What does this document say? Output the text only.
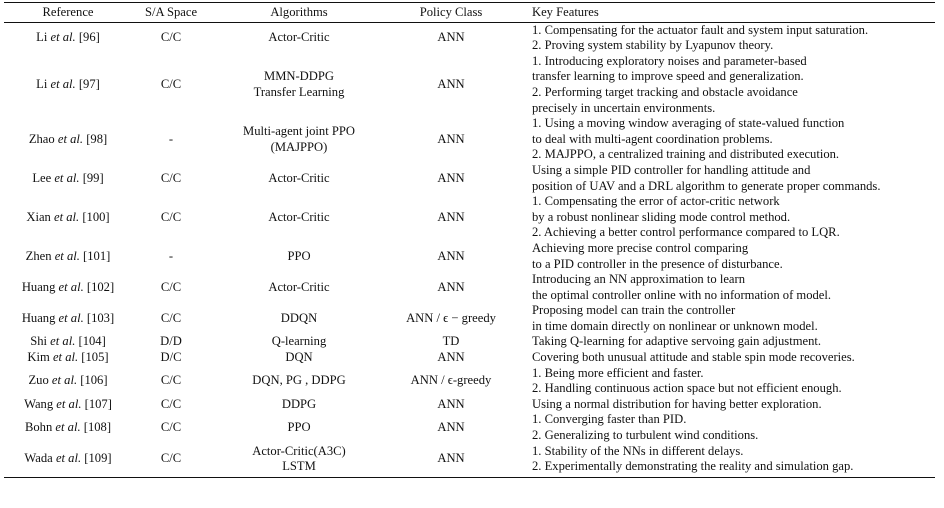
Reference	S/A Space	Algorithms	Policy Class	Key Features
Li et al. [96]	C/C	Actor-Critic	ANN	1. Compensating for the actuator fault and system input saturation.
2. Proving system stability by Lyapunov theory.

Li et al. [97]	C/C	MMN-DDPG
Transfer Learning	ANN	1. Introducing exploratory noises and parameter-based
transfer learning to improve speed and generalization.
2. Performing target tracking and obstacle avoidance
precisely in uncertain environments.

Zhao et al. [98]	-	Multi-agent joint PPO
(MAJPPO)	ANN	1. Using a moving window averaging of state-valued function
to deal with multi-agent coordination problems.
2. MAJPPO, a centralized training and distributed execution.

Lee et al. [99]	C/C	Actor-Critic	ANN	Using a simple PID controller for handling attitude and
position of UAV and a DRL algorithm to generate proper commands.

Xian et al. [100]	C/C	Actor-Critic	ANN	1. Compensating the error of actor-critic network
by a robust nonlinear sliding mode control method.
2. Achieving a better control performance compared to LQR.

Zhen et al. [101]	-	PPO	ANN	Achieving more precise control comparing
to a PID controller in the presence of disturbance.

Huang et al. [102]	C/C	Actor-Critic	ANN	Introducing an NN approximation to learn
the optimal controller online with no information of model.

Huang et al. [103]	C/C	DDQN	ANN / ϵ − greedy	Proposing model can train the controller
in time domain directly on nonlinear or unknown model.

Shi et al. [104]	D/D	Q-learning	TD	Taking Q-learning for adaptive servoing gain adjustment.

Kim et al. [105]	D/C	DQN	ANN	Covering both unusual attitude and stable spin mode recoveries.

Zuo et al. [106]	C/C	DQN, PG , DDPG	ANN / ϵ-greedy	1. Being more efficient and faster.
2. Handling continuous action space but not efficient enough.

Wang et al. [107]	C/C	DDPG	ANN	Using a normal distribution for having better exploration.

Bohn et al. [108]	C/C	PPO	ANN	1. Converging faster than PID.
2. Generalizing to turbulent wind conditions.

Wada et al. [109]	C/C	Actor-Critic(A3C)
LSTM	ANN	1. Stability of the NNs in different delays.
2. Experimentally demonstrating the reality and simulation gap.
